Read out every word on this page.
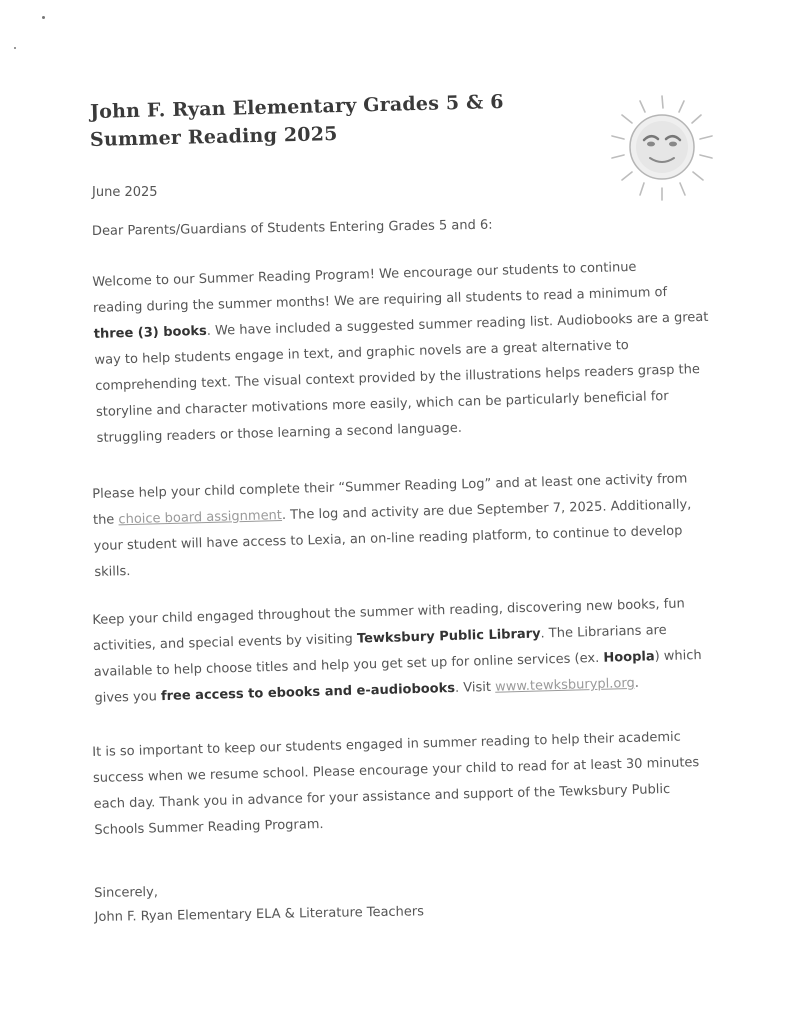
John F. Ryan Elementary Grades 5 & 6
Summer Reading 2025
June 2025
Dear Parents/Guardians of Students Entering Grades 5 and 6:
Welcome to our Summer Reading Program! We encourage our students to continue
reading during the summer months! We are requiring all students to read a minimum of
three (3) books. We have included a suggested summer reading list. Audiobooks are a great
way to help students engage in text, and graphic novels are a great alternative to
comprehending text. The visual context provided by the illustrations helps readers grasp the
storyline and character motivations more easily, which can be particularly beneficial for
struggling readers or those learning a second language.
Please help your child complete their “Summer Reading Log” and at least one activity from
the choice board assignment. The log and activity are due September 7, 2025. Additionally,
your student will have access to Lexia, an on-line reading platform, to continue to develop
skills.
Keep your child engaged throughout the summer with reading, discovering new books, fun
activities, and special events by visiting Tewksbury Public Library. The Librarians are
available to help choose titles and help you get set up for online services (ex. Hoopla) which
gives you free access to ebooks and e-audiobooks. Visit www.tewksburypl.org.
It is so important to keep our students engaged in summer reading to help their academic
success when we resume school. Please encourage your child to read for at least 30 minutes
each day. Thank you in advance for your assistance and support of the Tewksbury Public
Schools Summer Reading Program.
Sincerely,
John F. Ryan Elementary ELA & Literature Teachers
